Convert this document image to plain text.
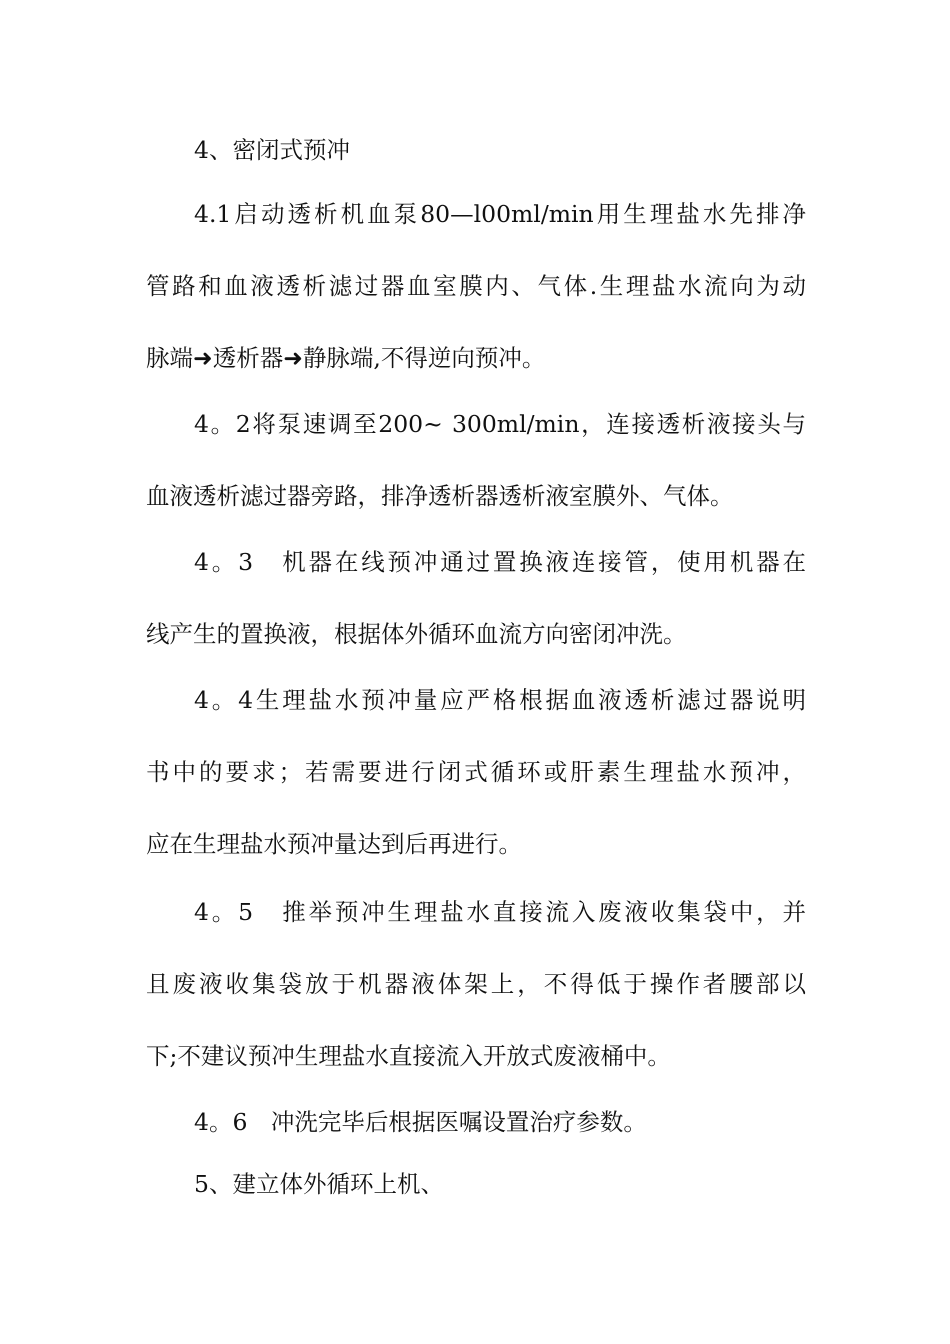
4、密闭式预冲
4.1启动透析机血泵80—l00ml/min用生理盐水先排净
管路和血液透析滤过器血室膜内、气体.生理盐水流向为动
脉端➜透析器➜静脉端,不得逆向预冲。
4。2将泵速调至200~ 300ml/min，连接透析液接头与
血液透析滤过器旁路，排净透析器透析液室膜外、气体。
4。3　机器在线预冲通过置换液连接管，使用机器在
线产生的置换液，根据体外循环血流方向密闭冲洗。
4。4生理盐水预冲量应严格根据血液透析滤过器说明
书中的要求；若需要进行闭式循环或肝素生理盐水预冲，
应在生理盐水预冲量达到后再进行。
4。5　推举预冲生理盐水直接流入废液收集袋中，并
且废液收集袋放于机器液体架上，不得低于操作者腰部以
下;不建议预冲生理盐水直接流入开放式废液桶中。
4。6　冲洗完毕后根据医嘱设置治疗参数。
5、建立体外循环上机、
